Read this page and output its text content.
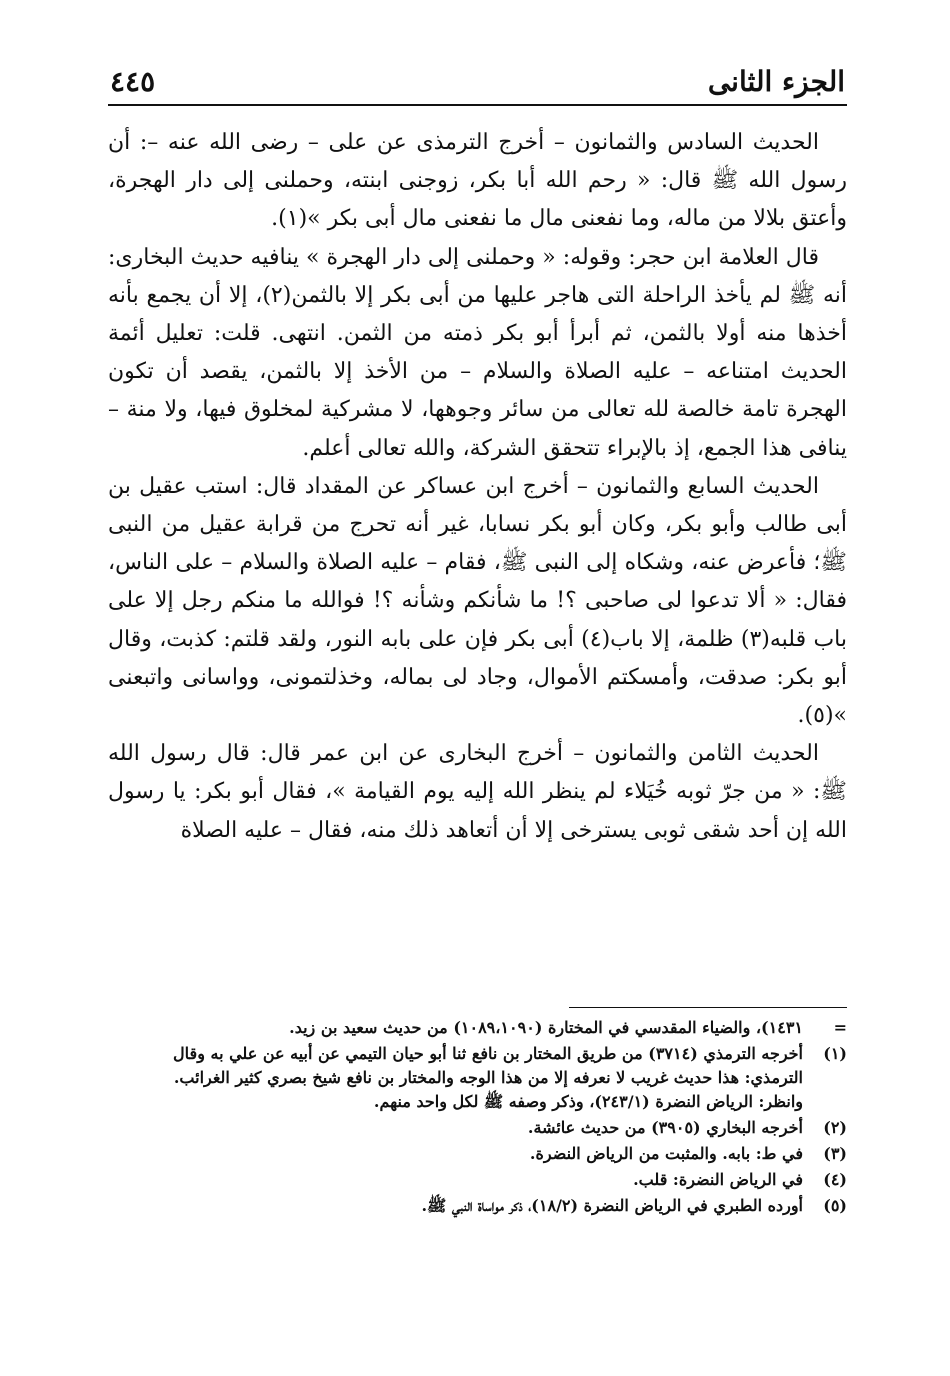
الجزء الثانى
٤٤٥

الحديث السادس والثمانون – أخرج الترمذى عن على – رضى الله عنه –: أن رسول الله ﷺ قال: « رحم الله أبا بكر، زوجنى ابنته، وحملنى إلى دار الهجرة، وأعتق بلالا من ماله، وما نفعنى مال ما نفعنى مال أبى بكر »(١).

قال العلامة ابن حجر: وقوله: « وحملنى إلى دار الهجرة » ينافيه حديث البخارى: أنه ﷺ لم يأخذ الراحلة التى هاجر عليها من أبى بكر إلا بالثمن(٢)، إلا أن يجمع بأنه أخذها منه أولا بالثمن، ثم أبرأ أبو بكر ذمته من الثمن. انتهى. قلت: تعليل أئمة الحديث امتناعه – عليه الصلاة والسلام – من الأخذ إلا بالثمن، يقصد أن تكون الهجرة تامة خالصة لله تعالى من سائر وجوهها، لا مشركية لمخلوق فيها، ولا منة – ينافى هذا الجمع، إذ بالإبراء تتحقق الشركة، والله تعالى أعلم.

الحديث السابع والثمانون – أخرج ابن عساكر عن المقداد قال: استب عقيل بن أبى طالب وأبو بكر، وكان أبو بكر نسابا، غير أنه تحرج من قرابة عقيل من النبى ﷺ؛ فأعرض عنه، وشكاه إلى النبى ﷺ، فقام – عليه الصلاة والسلام – على الناس، فقال: « ألا تدعوا لى صاحبى ؟! ما شأنكم وشأنه ؟! فوالله ما منكم رجل إلا على باب قلبه(٣) ظلمة، إلا باب(٤) أبى بكر فإن على بابه النور، ولقد قلتم: كذبت، وقال أبو بكر: صدقت، وأمسكتم الأموال، وجاد لى بماله، وخذلتمونى، وواسانى واتبعنى »(٥).

الحديث الثامن والثمانون – أخرج البخارى عن ابن عمر قال: قال رسول الله ﷺ: « من جرّ ثوبه خُيَلاء لم ينظر الله إليه يوم القيامة »، فقال أبو بكر: يا رسول الله إن أحد شقى ثوبى يسترخى إلا أن أتعاهد ذلك منه، فقال – عليه الصلاة

=
١٤٣١)، والضياء المقدسي في المختارة (١٠٨٩،١٠٩٠) من حديث سعيد بن زيد.
(١)
أخرجه الترمذي (٣٧١٤) من طريق المختار بن نافع ثنا أبو حيان التيمي عن أبيه عن علي به وقال الترمذي: هذا حديث غريب لا نعرفه إلا من هذا الوجه والمختار بن نافع شيخ بصري كثير الغرائب. وانظر: الرياض النضرة (٢٤٣/١)، وذكر وصفه ﷺ لكل واحد منهم.
(٢)
أخرجه البخاري (٣٩٠٥) من حديث عائشة.
(٣)
في ط: بابه. والمثبت من الرياض النضرة.
(٤)
في الرياض النضرة: قلب.
(٥)
أورده الطبري في الرياض النضرة (١٨/٢)، ذكر مواساة النبي ﷺ.
